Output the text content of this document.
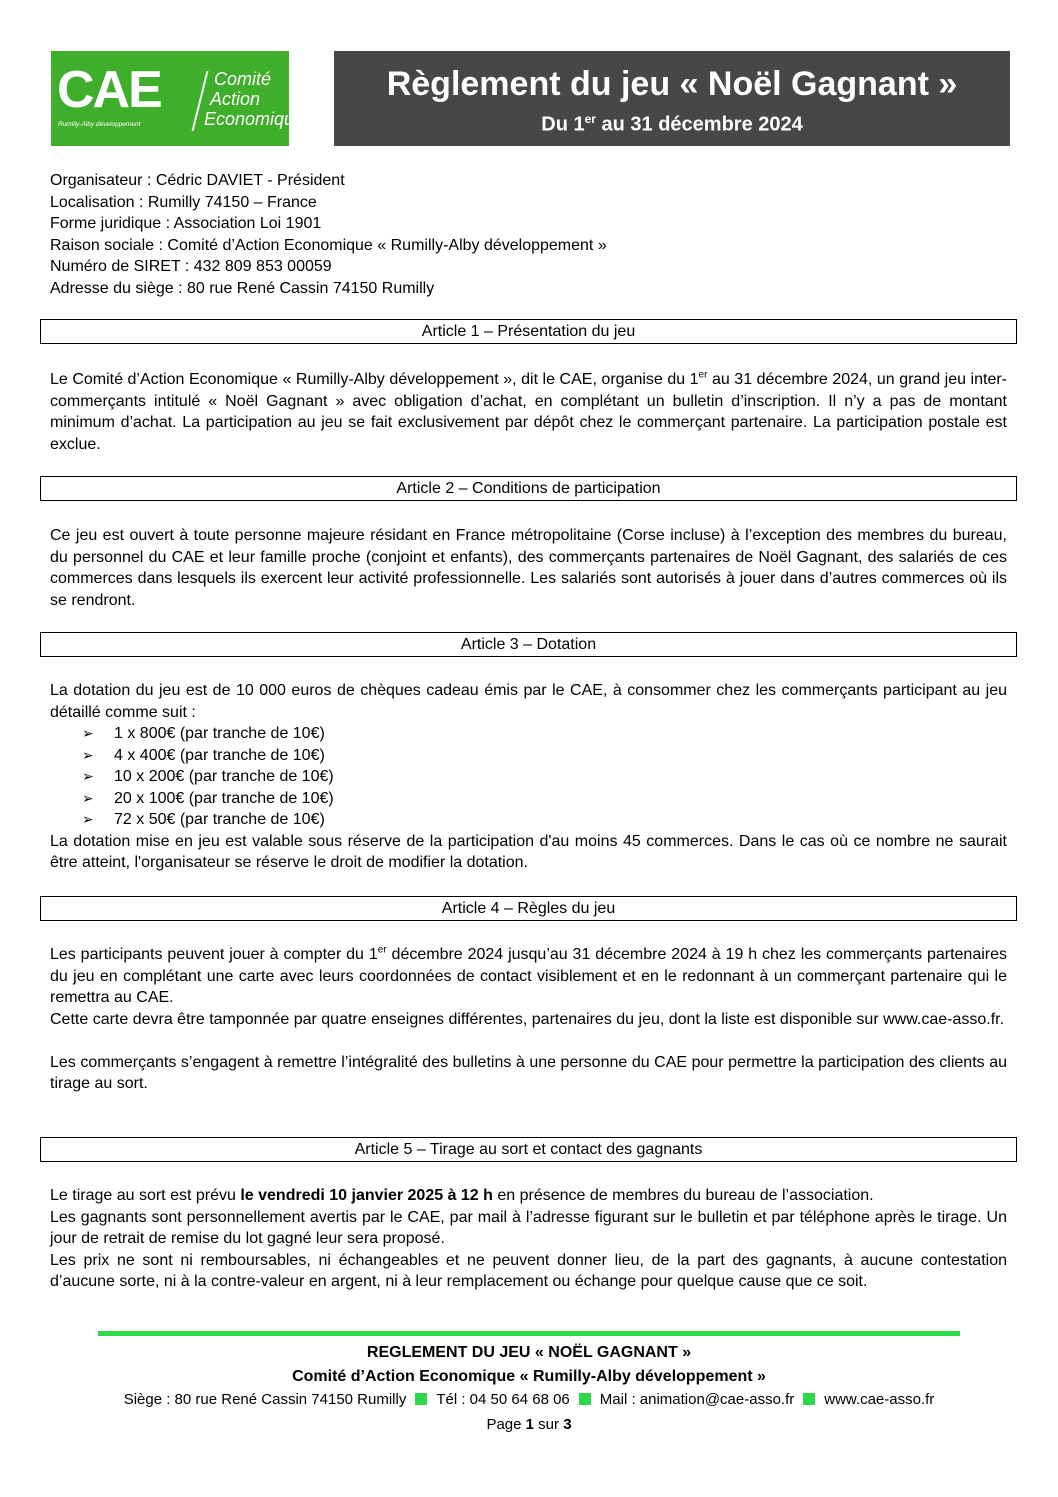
CAE	Comité
Action
Economique
Rumilly-Alby développement
Règlement du jeu « Noël Gagnant »
Du 1er au 31 décembre 2024
Organisateur : Cédric DAVIET - Président
Localisation : Rumilly 74150 – France
Forme juridique : Association Loi 1901
Raison sociale : Comité d’Action Economique « Rumilly-Alby développement »
Numéro de SIRET : 432 809 853 00059
Adresse du siège : 80 rue René Cassin 74150 Rumilly
Article 1 – Présentation du jeu

Le Comité d’Action Economique « Rumilly-Alby développement », dit le CAE, organise du 1er au 31 décembre 2024, un grand jeu inter-commerçants intitulé « Noël Gagnant » avec obligation d’achat, en complétant un bulletin d’inscription. Il n’y a pas de montant minimum d’achat. La participation au jeu se fait exclusivement par dépôt chez le commerçant partenaire. La participation postale est exclue.

Article 2 – Conditions de participation

Ce jeu est ouvert à toute personne majeure résidant en France métropolitaine (Corse incluse) à l’exception des membres du bureau, du personnel du CAE et leur famille proche (conjoint et enfants), des commerçants partenaires de Noël Gagnant, des salariés de ces commerces dans lesquels ils exercent leur activité professionnelle. Les salariés sont autorisés à jouer dans d’autres commerces où ils se rendront.

Article 3 – Dotation

La dotation du jeu est de 10 000 euros de chèques cadeau émis par le CAE, à consommer chez les commerçants participant au jeu détaillé comme suit :

➢ 1 x 800€ (par tranche de 10€)
➢ 4 x 400€ (par tranche de 10€)
➢ 10 x 200€ (par tranche de 10€)
➢ 20 x 100€ (par tranche de 10€)
➢ 72 x 50€ (par tranche de 10€)

La dotation mise en jeu est valable sous réserve de la participation d'au moins 45 commerces. Dans le cas où ce nombre ne saurait être atteint, l'organisateur se réserve le droit de modifier la dotation.

Article 4 – Règles du jeu

Les participants peuvent jouer à compter du 1er décembre 2024 jusqu’au 31 décembre 2024 à 19 h chez les commerçants partenaires du jeu en complétant une carte avec leurs coordonnées de contact visiblement et en le redonnant à un commerçant partenaire qui le remettra au CAE.

Cette carte devra être tamponnée par quatre enseignes différentes, partenaires du jeu, dont la liste est disponible sur www.cae-asso.fr.

Les commerçants s’engagent à remettre l’intégralité des bulletins à une personne du CAE pour permettre la participation des clients au tirage au sort.

Article 5 – Tirage au sort et contact des gagnants

Le tirage au sort est prévu le vendredi 10 janvier 2025 à 12 h en présence de membres du bureau de l’association.

Les gagnants sont personnellement avertis par le CAE, par mail à l’adresse figurant sur le bulletin et par téléphone après le tirage. Un jour de retrait de remise du lot gagné leur sera proposé.

Les prix ne sont ni remboursables, ni échangeables et ne peuvent donner lieu, de la part des gagnants, à aucune contestation d’aucune sorte, ni à la contre-valeur en argent, ni à leur remplacement ou échange pour quelque cause que ce soit.

REGLEMENT DU JEU « NOËL GAGNANT »
Comité d’Action Economique « Rumilly-Alby développement »
Siège : 80 rue René Cassin 74150 Rumilly Tél : 04 50 64 68 06 Mail : animation@cae-asso.fr www.cae-asso.fr
Page 1 sur 3
